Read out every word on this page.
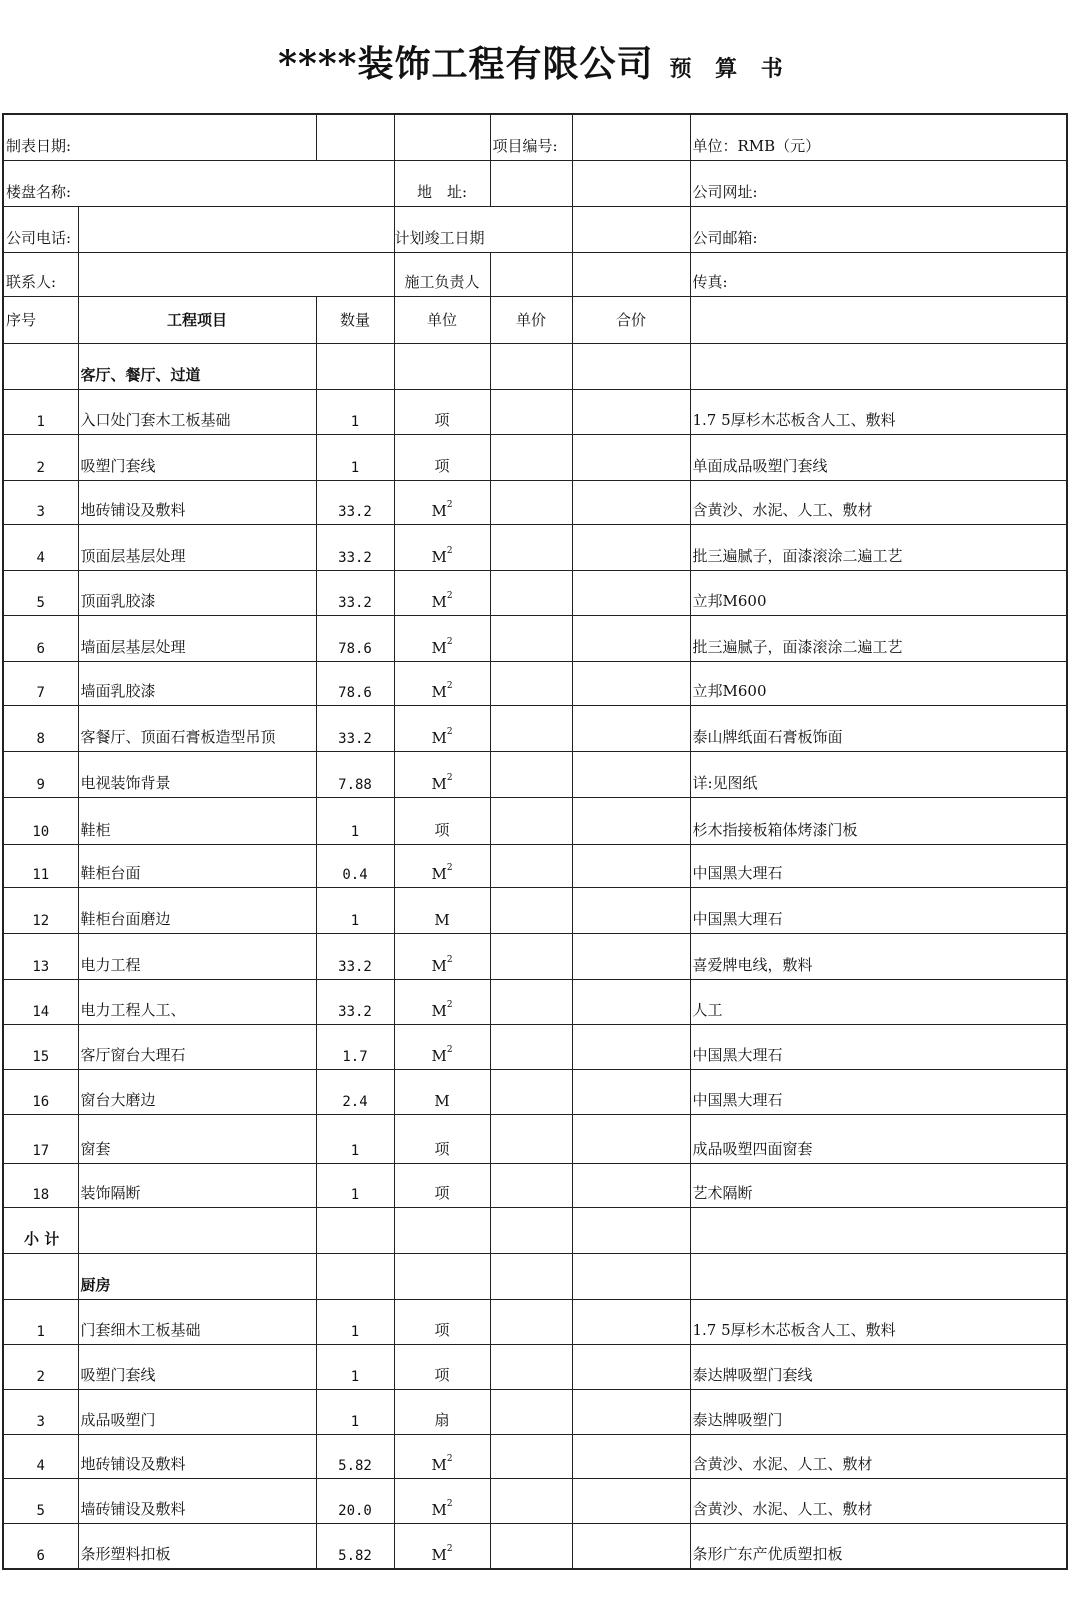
****装饰工程有限公司 预 算 书
制表日期:				项目编号:		单位：RMB（元）
楼盘名称:			地　址:			公司网址:
公司电话:			计划竣工日期			公司邮箱:
联系人:			施工负责人			传真:
序号	工程项目	数量	单位	单价	合价	
	客厅、餐厅、过道					
1	入口处门套木工板基础	1	项			1.7 5厚杉木芯板含人工、敷料
2	吸塑门套线	1	项			单面成品吸塑门套线
3	地砖铺设及敷料	33.2	$M^2$			含黄沙、水泥、人工、敷材
4	顶面层基层处理	33.2	$M^2$			批三遍腻子，面漆滚涂二遍工艺
5	顶面乳胶漆	33.2	$M^2$			立邦M600
6	墙面层基层处理	78.6	$M^2$			批三遍腻子，面漆滚涂二遍工艺
7	墙面乳胶漆	78.6	$M^2$			立邦M600
8	客餐厅、顶面石膏板造型吊顶	33.2	$M^2$			泰山牌纸面石膏板饰面
9	电视装饰背景	7.88	$M^2$			详:见图纸
10	鞋柜	1	项			杉木指接板箱体烤漆门板
11	鞋柜台面	0.4	$M^2$			中国黑大理石
12	鞋柜台面磨边	1	M			中国黑大理石
13	电力工程	33.2	$M^2$			喜爱牌电线，敷料
14	电力工程人工、	33.2	$M^2$			人工
15	客厅窗台大理石	1.7	$M^2$			中国黑大理石
16	窗台大磨边	2.4	M			中国黑大理石
17	窗套	1	项			成品吸塑四面窗套
18	装饰隔断	1	项			艺术隔断
小 计						
	厨房					
1	门套细木工板基础	1	项			1.7 5厚杉木芯板含人工、敷料
2	吸塑门套线	1	项			泰达牌吸塑门套线
3	成品吸塑门	1	扇			泰达牌吸塑门
4	地砖铺设及敷料	5.82	$M^2$			含黄沙、水泥、人工、敷材
5	墙砖铺设及敷料	20.0	$M^2$			含黄沙、水泥、人工、敷材
6	条形塑料扣板	5.82	$M^2$			条形广东产优质塑扣板
